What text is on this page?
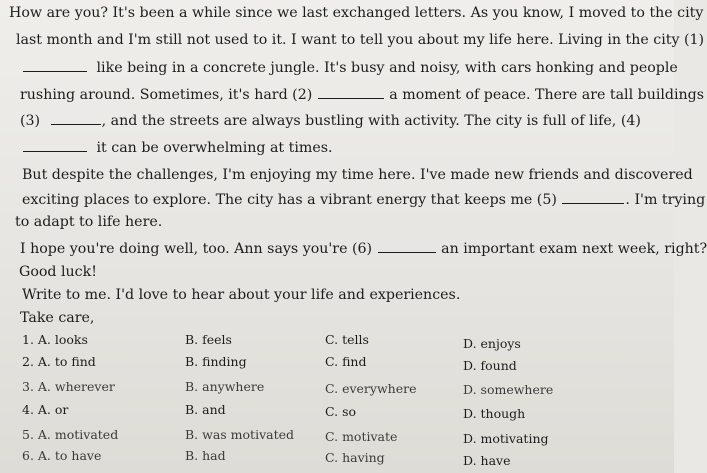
How are you? It's been a while since we last exchanged letters. As you know, I moved to the city
last month and I'm still not used to it. I want to tell you about my life here. Living in the city (1)
like being in a concrete jungle. It's busy and noisy, with cars honking and people
rushing around. Sometimes, it's hard (2)	a moment of peace. There are tall buildings
(3)	, and the streets are always bustling with activity. The city is full of life, (4)
it can be overwhelming at times.
But despite the challenges, I'm enjoying my time here. I've made new friends and discovered
exciting places to explore. The city has a vibrant energy that keeps me (5)	. I'm trying
to adapt to life here.
I hope you're doing well, too. Ann says you're (6)	an important exam next week, right?
Good luck!
Write to me. I'd love to hear about your life and experiences.
Take care,
1. A. looks	B. feels	C. tells	D. enjoys
2. A. to find	B. finding	C. find	D. found
3. A. wherever	B. anywhere	C. everywhere	D. somewhere
4. A. or	B. and	C. so	D. though
5. A. motivated	B. was motivated C. motivate	D. motivating
6. A. to have	B. had	C. having	D. have
